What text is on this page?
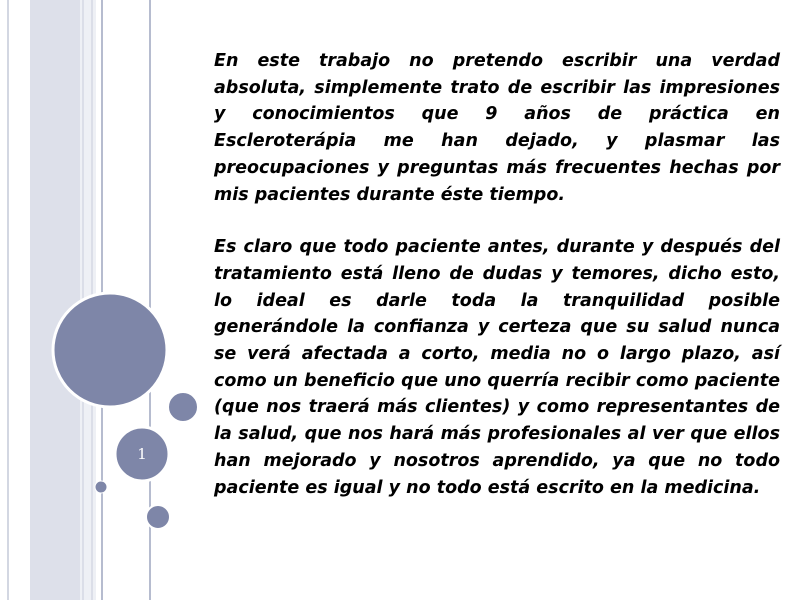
1

En este trabajo no pretendo escribir una verdad absoluta, simplemente trato de escribir las impresiones y conocimientos que 9 años de práctica en Escleroterápia me han dejado, y plasmar las preocupaciones y preguntas más frecuentes hechas por mis pacientes durante éste tiempo.

Es claro que todo paciente antes, durante y después del tratamiento está lleno de dudas y temores, dicho esto, lo ideal es darle toda la tranquilidad posible generándole la confianza y certeza que su salud nunca se verá afectada a corto, media no o largo plazo, así como un beneficio que uno querría recibir como paciente (que nos traerá más clientes) y como representantes de la salud, que nos hará más profesionales al ver que ellos han mejorado y nosotros aprendido, ya que no todo paciente es igual y no todo está escrito en la medicina.
